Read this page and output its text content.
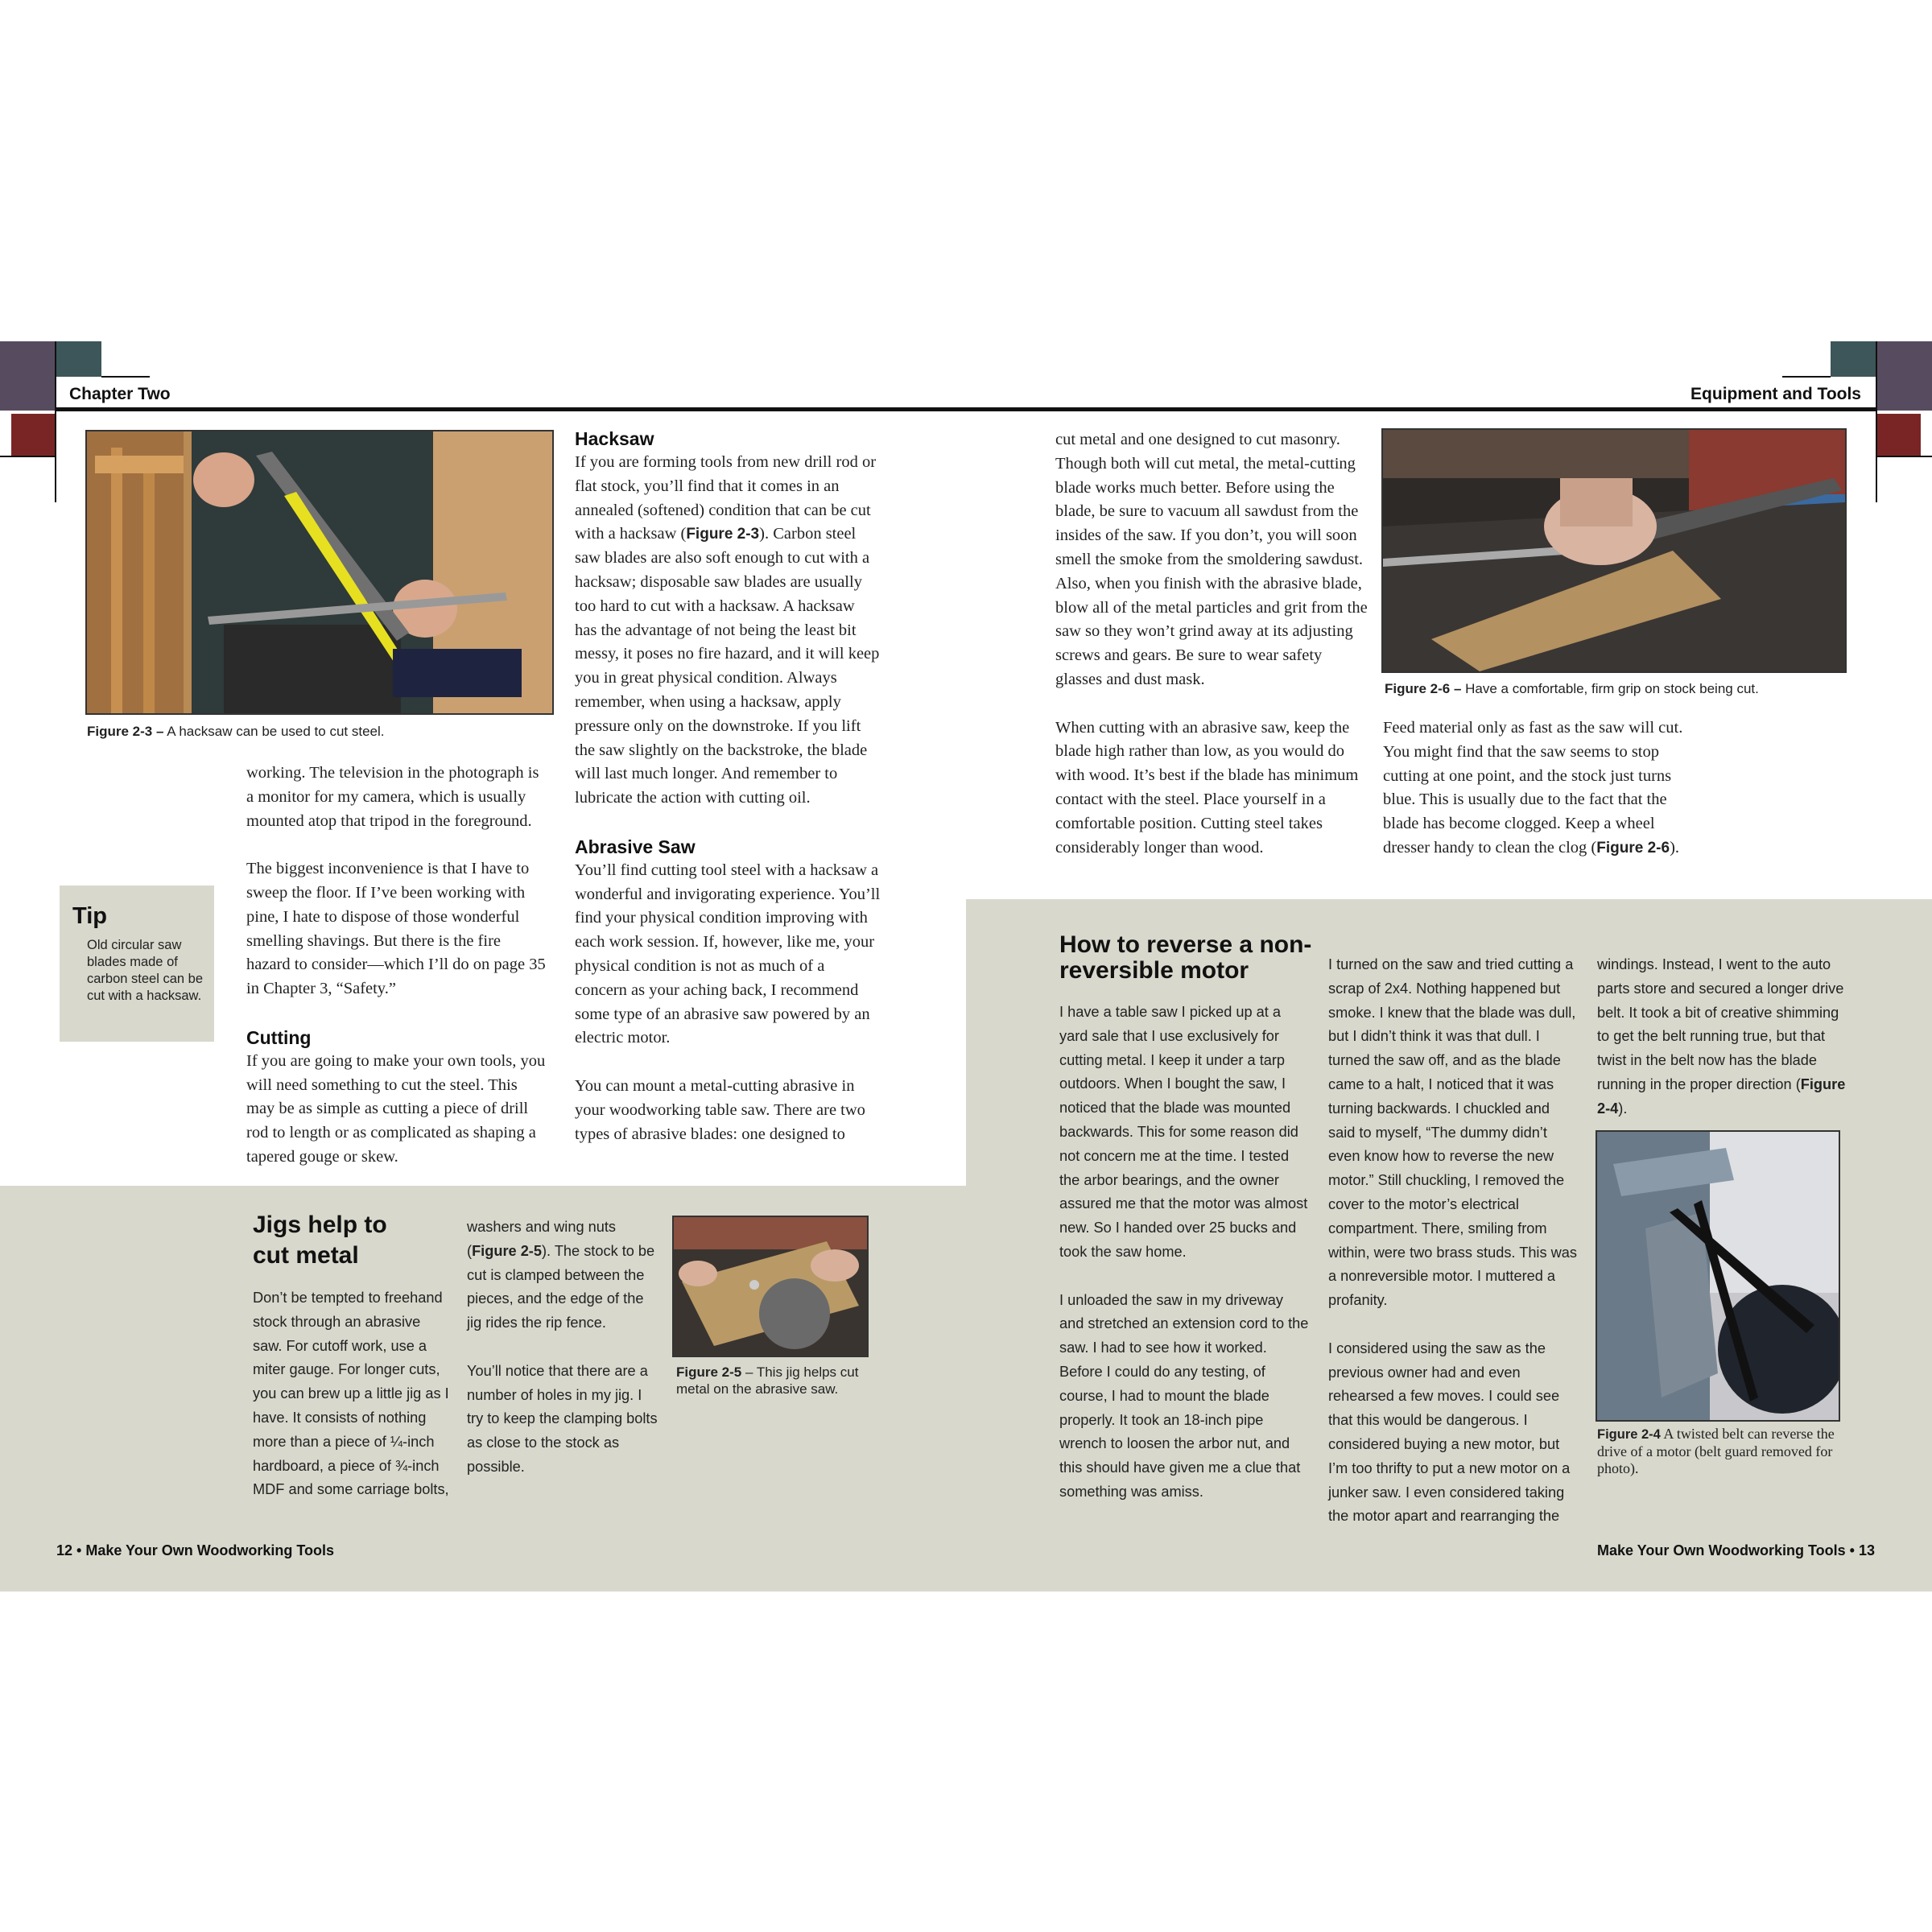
Chapter Two	Equipment and Tools
Figure 2-3 – A hacksaw can be used to cut steel.

working. The television in the photograph is a monitor for my camera, which is usually mounted atop that tripod in the foreground.

The biggest inconvenience is that I have to sweep the floor. If I’ve been working with pine, I hate to dispose of those wonderful smelling shavings. But there is the fire hazard to consider—which I’ll do on page 35 in Chapter 3, “Safety.”

Cutting

If you are going to make your own tools, you will need something to cut the steel. This may be as simple as cutting a piece of drill rod to length or as complicated as shaping a tapered gouge or skew.

Tip
Old circular saw blades made of carbon steel can be cut with a hacksaw.
Hacksaw

If you are forming tools from new drill rod or flat stock, you’ll find that it comes in an annealed (softened) condition that can be cut with a hacksaw (Figure 2-3). Carbon steel saw blades are also soft enough to cut with a hacksaw; disposable saw blades are usually too hard to cut with a hacksaw. A hacksaw has the advantage of not being the least bit messy, it poses no fire hazard, and it will keep you in great physical condition. Always remember, when using a hacksaw, apply pressure only on the downstroke. If you lift the saw slightly on the backstroke, the blade will last much longer. And remember to lubricate the action with cutting oil.

Abrasive Saw

You’ll find cutting tool steel with a hacksaw a wonderful and invigorating experience. You’ll find your physical condition improving with each work session. If, however, like me, your physical condition is not as much of a concern as your aching back, I recommend some type of an abrasive saw powered by an electric motor.

You can mount a metal-cutting abrasive in your woodworking table saw. There are two types of abrasive blades: one designed to

cut metal and one designed to cut masonry. Though both will cut metal, the metal-cutting blade works much better. Before using the blade, be sure to vacuum all sawdust from the insides of the saw. If you don’t, you will soon smell the smoke from the smoldering sawdust. Also, when you finish with the abrasive blade, blow all of the metal particles and grit from the saw so they won’t grind away at its adjusting screws and gears. Be sure to wear safety glasses and dust mask.

When cutting with an abrasive saw, keep the blade high rather than low, as you would do with wood. It’s best if the blade has minimum contact with the steel. Place yourself in a comfortable position. Cutting steel takes considerably longer than wood.

Figure 2-6 – Have a comfortable, firm grip on stock being cut.

Feed material only as fast as the saw will cut. You might find that the saw seems to stop cutting at one point, and the stock just turns blue. This is usually due to the fact that the blade has become clogged. Keep a wheel dresser handy to clean the clog (Figure 2-6).

Jigs help to cut metal

Don’t be tempted to freehand stock through an abrasive saw. For cutoff work, use a miter gauge. For longer cuts, you can brew up a little jig as I have. It consists of nothing more than a piece of ¼-inch hardboard, a piece of ¾-inch MDF and some carriage bolts,

washers and wing nuts (Figure 2-5). The stock to be cut is clamped between the pieces, and the edge of the jig rides the rip fence.

You’ll notice that there are a number of holes in my jig. I try to keep the clamping bolts as close to the stock as possible.

Figure 2-5 – This jig helps cut metal on the abrasive saw.
How to reverse a non-reversible motor

I have a table saw I picked up at a yard sale that I use exclusively for cutting metal. I keep it under a tarp outdoors. When I bought the saw, I noticed that the blade was mounted backwards. This for some reason did not concern me at the time. I tested the arbor bearings, and the owner assured me that the motor was almost new. So I handed over 25 bucks and took the saw home.

I unloaded the saw in my driveway and stretched an extension cord to the saw. I had to see how it worked. Before I could do any testing, of course, I had to mount the blade properly. It took an 18-inch pipe wrench to loosen the arbor nut, and this should have given me a clue that something was amiss.

I turned on the saw and tried cutting a scrap of 2x4. Nothing happened but smoke. I knew that the blade was dull, but I didn’t think it was that dull. I turned the saw off, and as the blade came to a halt, I noticed that it was turning backwards. I chuckled and said to myself, “The dummy didn’t even know how to reverse the new motor.” Still chuckling, I removed the cover to the motor’s electrical compartment. There, smiling from within, were two brass studs. This was a nonreversible motor. I muttered a profanity.

I considered using the saw as the previous owner had and even rehearsed a few moves. I could see that this would be dangerous. I considered buying a new motor, but I’m too thrifty to put a new motor on a junker saw. I even considered taking the motor apart and rearranging the

windings. Instead, I went to the auto parts store and secured a longer drive belt. It took a bit of creative shimming to get the belt running true, but that twist in the belt now has the blade running in the proper direction (Figure 2-4).

Figure 2-4 A twisted belt can reverse the drive of a motor (belt guard removed for photo).
12 • Make Your Own Woodworking Tools	Make Your Own Woodworking Tools • 13
